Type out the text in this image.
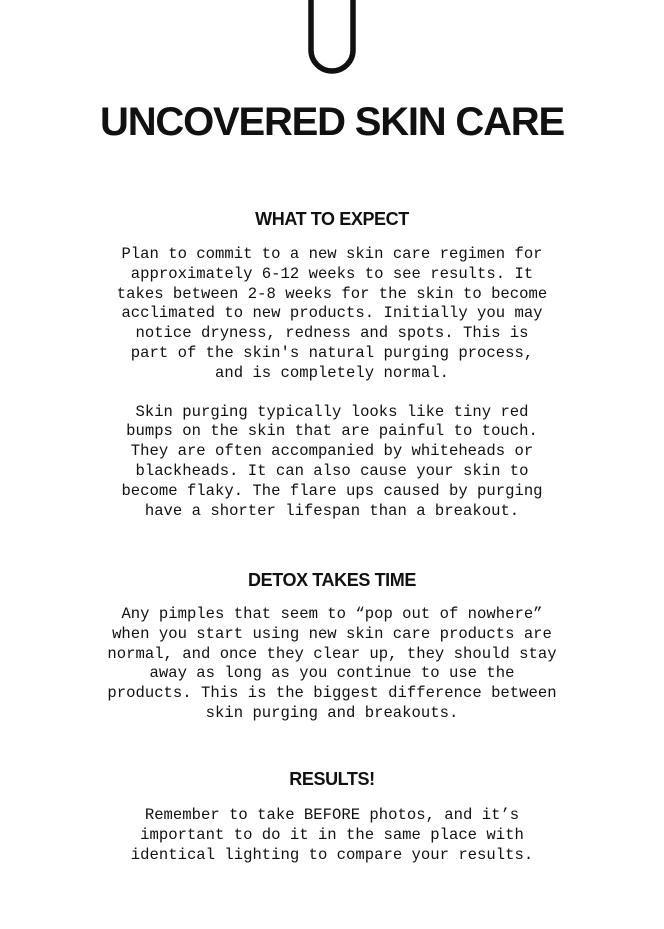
UNCOVERED SKIN CARE
WHAT TO EXPECT

Plan to commit to a new skin care regimen for
approximately 6-12 weeks to see results. It
takes between 2-8 weeks for the skin to become
acclimated to new products. Initially you may
notice dryness, redness and spots. This is
part of the skin's natural purging process,
and is completely normal.

Skin purging typically looks like tiny red
bumps on the skin that are painful to touch.
They are often accompanied by whiteheads or
blackheads. It can also cause your skin to
become flaky. The flare ups caused by purging
have a shorter lifespan than a breakout.

DETOX TAKES TIME

Any pimples that seem to “pop out of nowhere”
when you start using new skin care products are
normal, and once they clear up, they should stay
away as long as you continue to use the
products. This is the biggest difference between
skin purging and breakouts.

RESULTS!

Remember to take BEFORE photos, and it’s
important to do it in the same place with
identical lighting to compare your results.
